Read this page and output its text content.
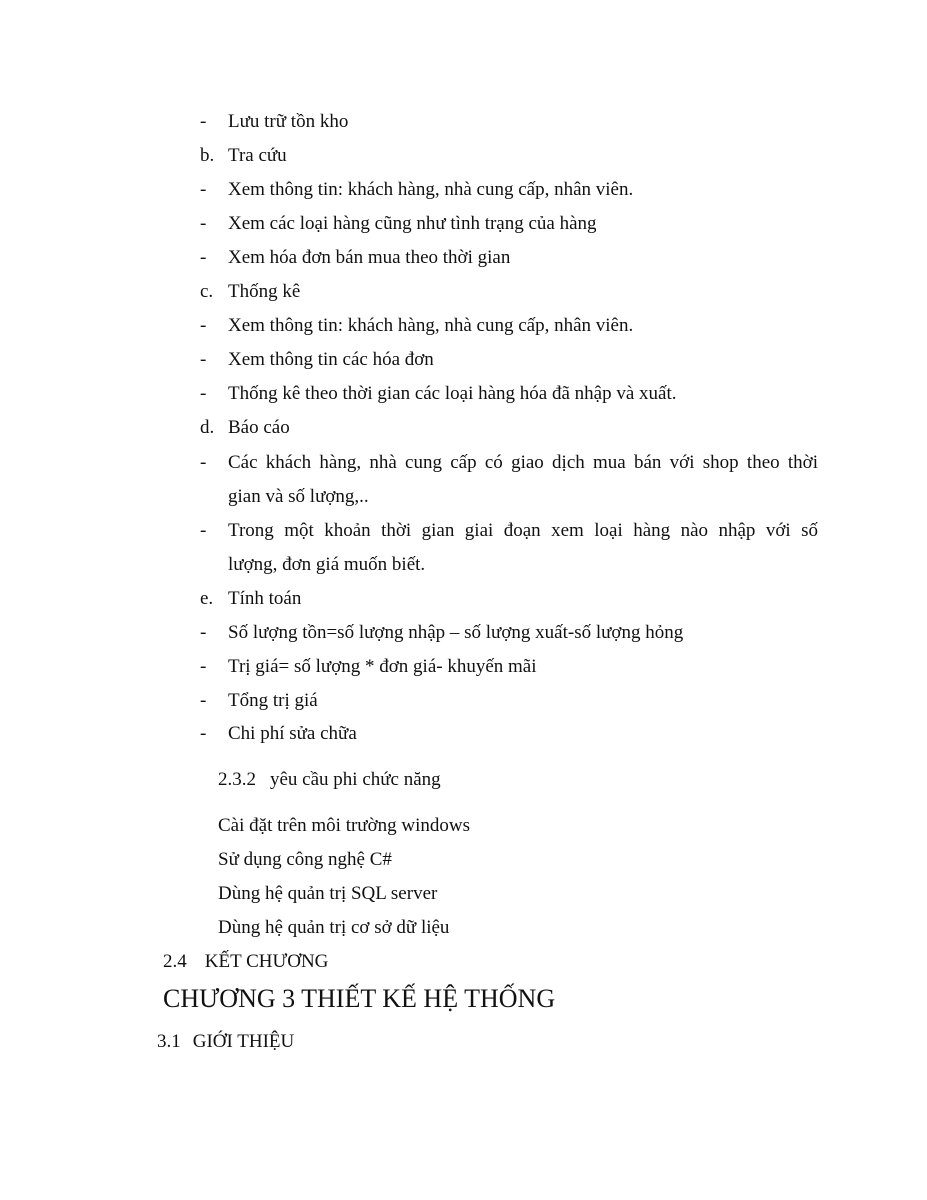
- Lưu trữ tồn kho
b. Tra cứu
- Xem thông tin: khách hàng, nhà cung cấp, nhân viên.
- Xem các loại hàng cũng như tình trạng của hàng
- Xem hóa đơn bán mua theo thời gian
c. Thống kê
- Xem thông tin: khách hàng, nhà cung cấp, nhân viên.
- Xem thông tin các hóa đơn
- Thống kê theo thời gian các loại hàng hóa đã nhập và xuất.
d. Báo cáo
- Các khách hàng, nhà cung cấp có giao dịch mua bán với shop theo thời
gian và số lượng,..
- Trong một khoản thời gian giai đoạn xem loại hàng nào nhập với số
lượng, đơn giá muốn biết.
e. Tính toán
- Số lượng tồn=số lượng nhập – số lượng xuất-số lượng hỏng
- Trị giá= số lượng * đơn giá- khuyến mãi
- Tổng trị giá
- Chi phí sửa chữa
2.3.2 yêu cầu phi chức năng
Cài đặt trên môi trường windows
Sử dụng công nghệ C#
Dùng hệ quản trị SQL server
Dùng hệ quản trị cơ sở dữ liệu
2.4 KẾT CHƯƠNG
CHƯƠNG 3 THIẾT KẾ HỆ THỐNG
3.1 GIỚI THIỆU
